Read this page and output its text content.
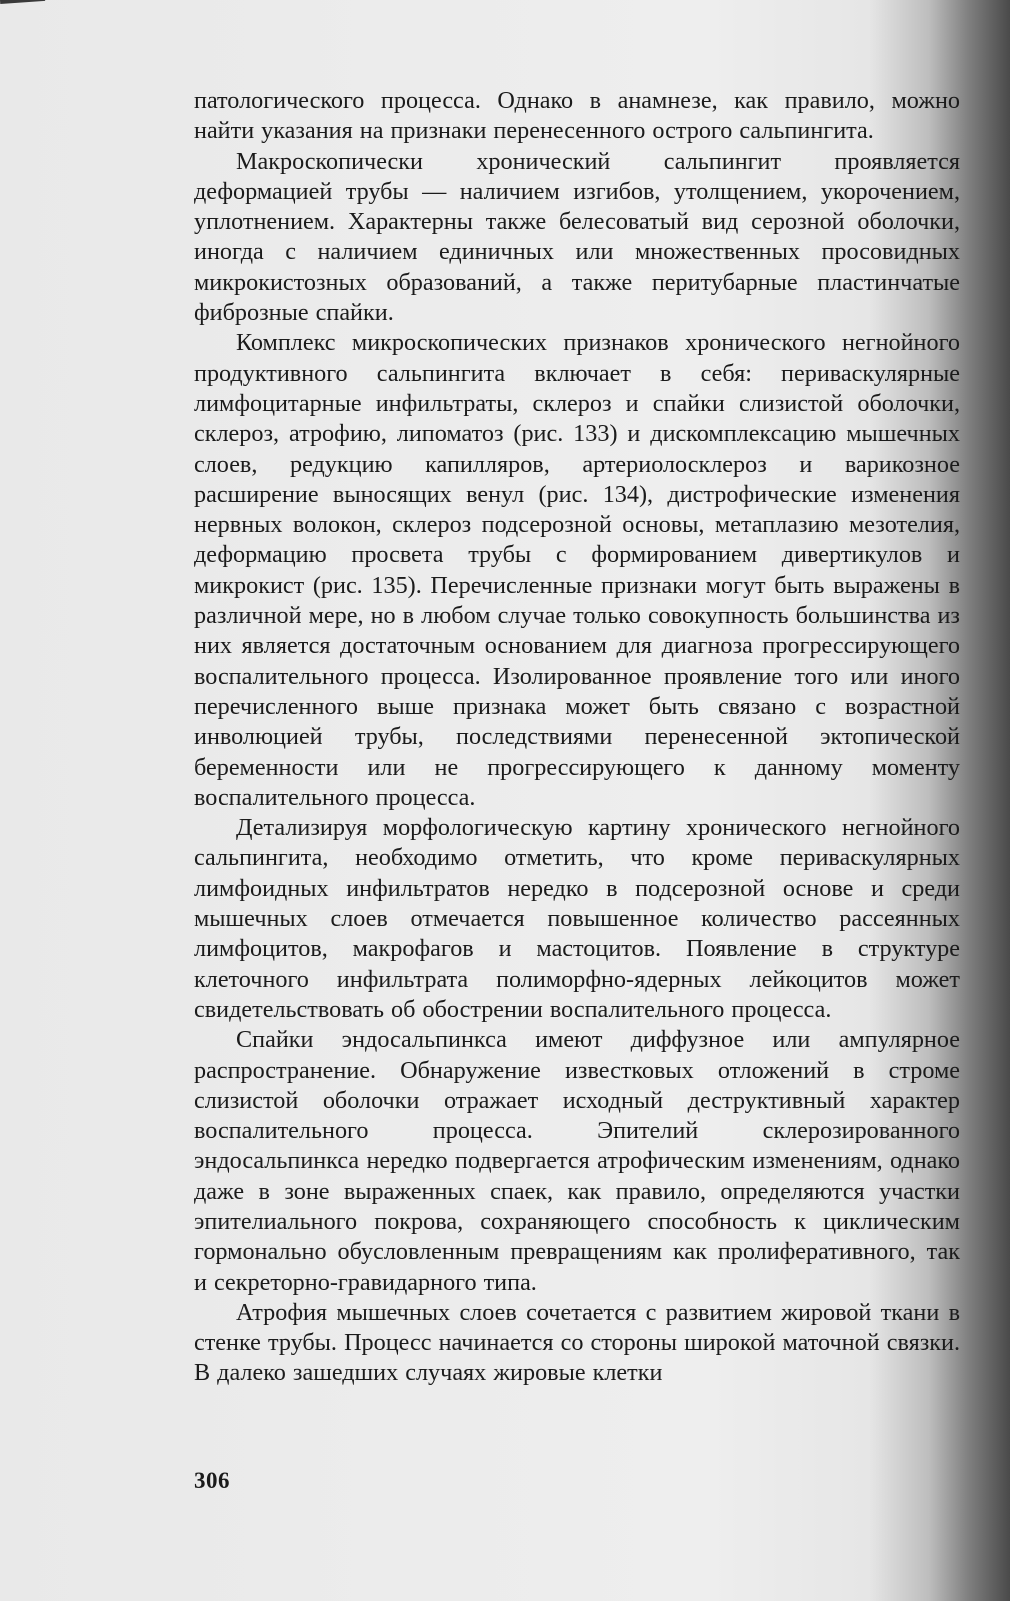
патологического процесса. Однако в анамнезе, как правило, можно найти указания на признаки перенесенного острого сальпингита.

Макроскопически хронический сальпингит проявляется деформацией трубы — наличием изгибов, утолщением, укорочением, уплотнением. Характерны также белесоватый вид серозной оболочки, иногда с наличием единичных или множественных просовидных микрокистозных образований, а также перитубарные пластинчатые фиброзные спайки.

Комплекс микроскопических признаков хронического негнойного продуктивного сальпингита включает в себя: периваскулярные лимфоцитарные инфильтраты, склероз и спайки слизистой оболочки, склероз, атрофию, липоматоз (рис. 133) и дискомплексацию мышечных слоев, редукцию капилляров, артериолосклероз и варикозное расширение выносящих венул (рис. 134), дистрофические изменения нервных волокон, склероз подсерозной основы, метаплазию мезотелия, деформацию просвета трубы с формированием дивертикулов и микрокист (рис. 135). Перечисленные признаки могут быть выражены в различной мере, но в любом случае только совокупность большинства из них является достаточным основанием для диагноза прогрессирующего воспалительного процесса. Изолированное проявление того или иного перечисленного выше признака может быть связано с возрастной инволюцией трубы, последствиями перенесенной эктопической беременности или не прогрессирующего к данному моменту воспалительного процесса.

Детализируя морфологическую картину хронического негнойного сальпингита, необходимо отметить, что кроме периваскулярных лимфоидных инфильтратов нередко в подсерозной основе и среди мышечных слоев отмечается повышенное количество рассеянных лимфоцитов, макрофагов и мастоцитов. Появление в структуре клеточного инфильтрата полиморфно-ядерных лейкоцитов может свидетельствовать об обострении воспалительного процесса.

Спайки эндосальпинкса имеют диффузное или ампулярное распространение. Обнаружение известковых отложений в строме слизистой оболочки отражает исходный деструктивный характер воспалительного процесса. Эпителий склерозированного эндосальпинкса нередко подвергается атрофическим изменениям, однако даже в зоне выраженных спаек, как правило, определяются участки эпителиального покрова, сохраняющего способность к циклическим гормонально обусловленным превращениям как пролиферативного, так и секреторно-гравидарного типа.

Атрофия мышечных слоев сочетается с развитием жировой ткани в стенке трубы. Процесс начинается со стороны широкой маточной связки. В далеко зашедших случаях жировые клетки

306
